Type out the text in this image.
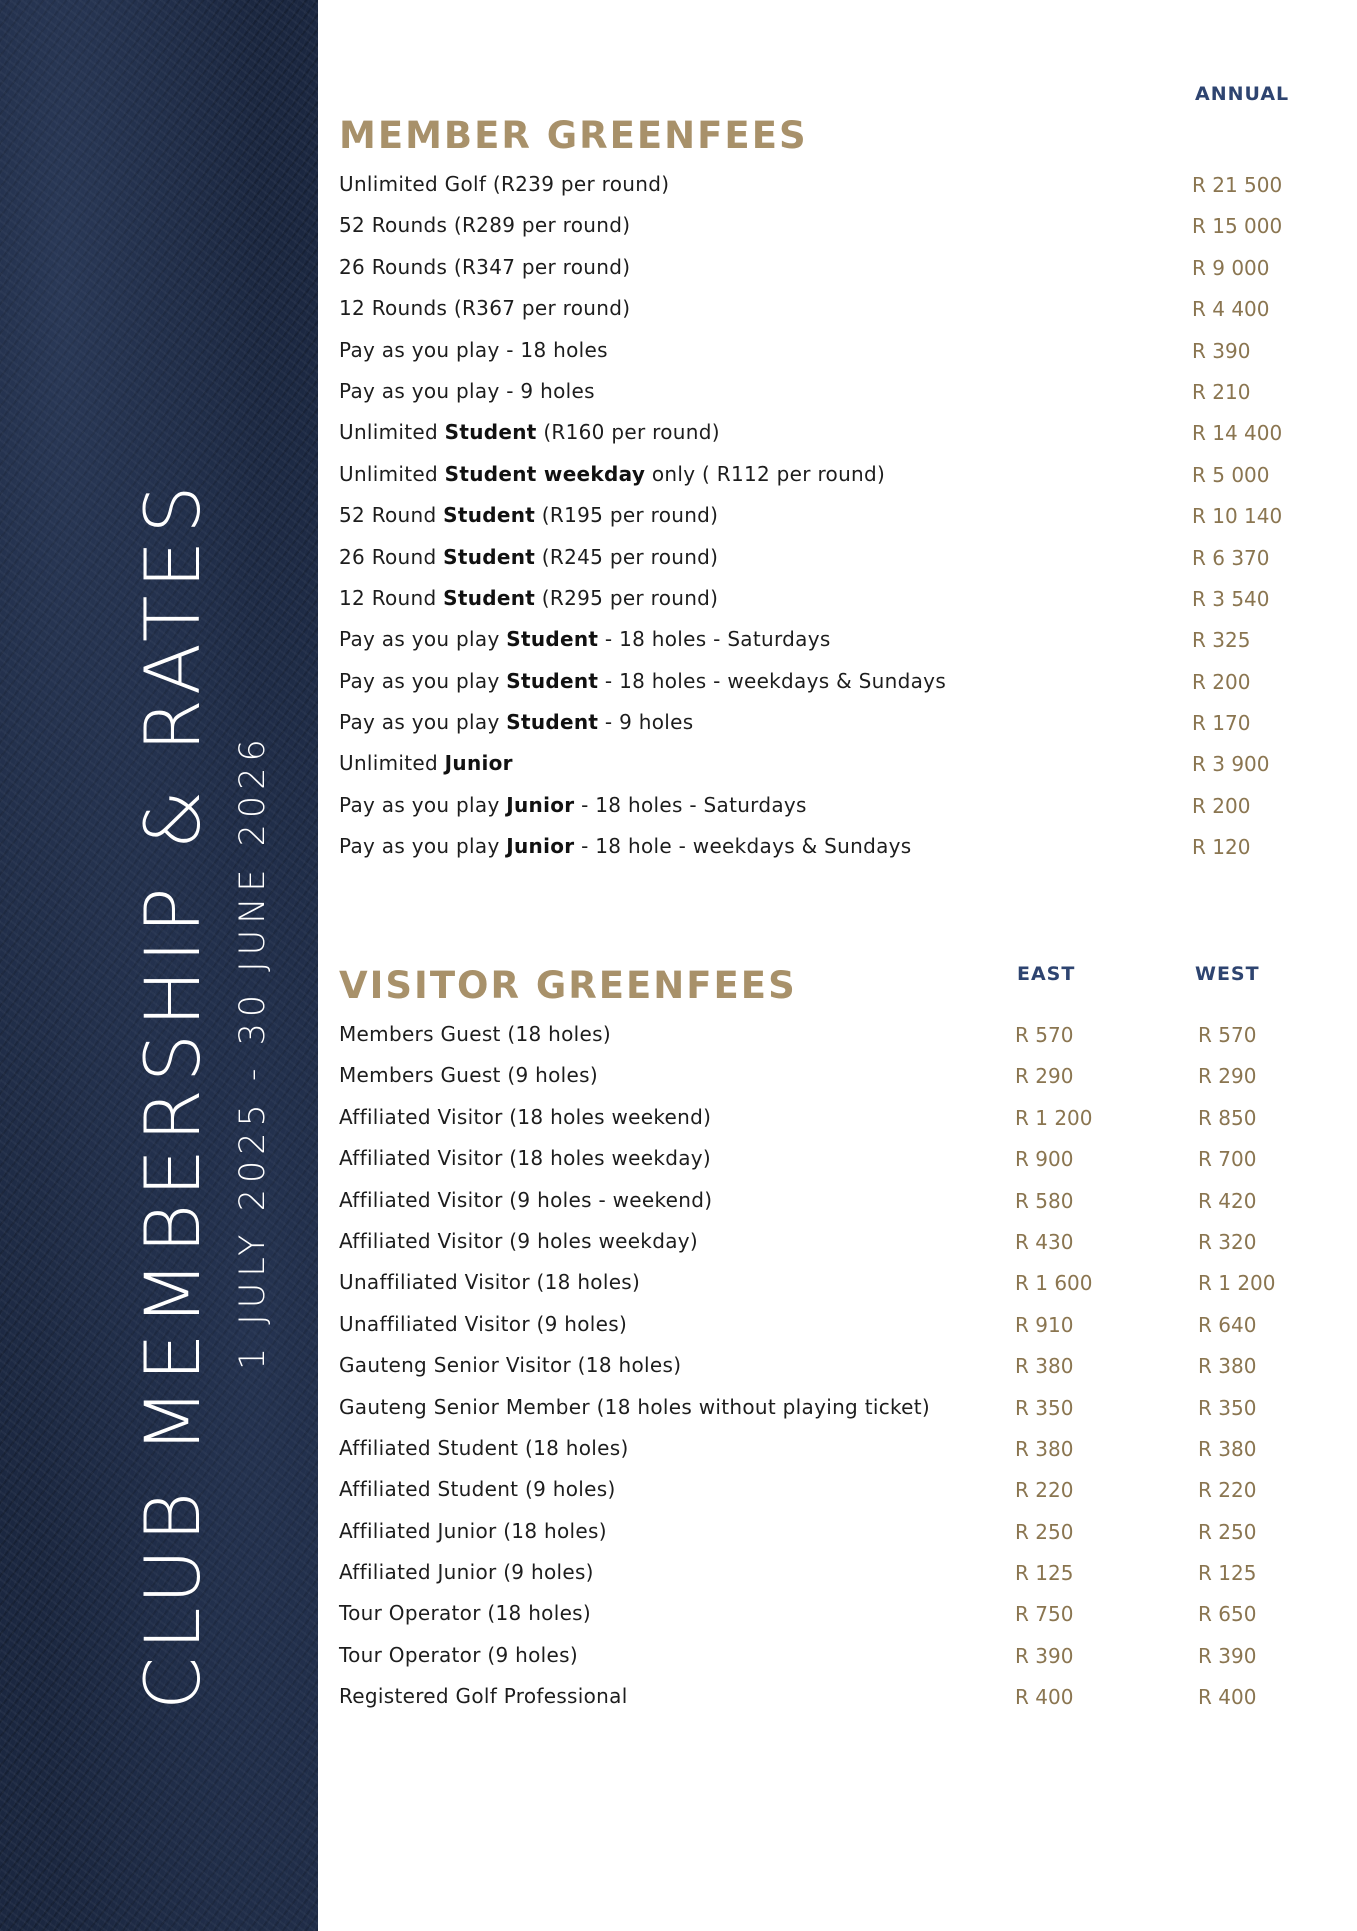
CLUB MEMBERSHIP & RATES 1 JULY 2025 - 30 JUNE 2026
ANNUAL
MEMBER GREENFEES
Unlimited Golf (R239 per round)	R 21 500
52 Rounds (R289 per round)	R 15 000
26 Rounds (R347 per round)	R 9 000
12 Rounds (R367 per round)	R 4 400
Pay as you play - 18 holes	R 390
Pay as you play - 9 holes	R 210
Unlimited Student (R160 per round)	R 14 400
Unlimited Student weekday only ( R112 per round)	R 5 000
52 Round Student (R195 per round)	R 10 140
26 Round Student (R245 per round)	R 6 370
12 Round Student (R295 per round)	R 3 540
Pay as you play Student - 18 holes - Saturdays	R 325
Pay as you play Student - 18 holes - weekdays & Sundays	R 200
Pay as you play Student - 9 holes	R 170
Unlimited Junior	R 3 900
Pay as you play Junior - 18 holes - Saturdays	R 200
Pay as you play Junior - 18 hole - weekdays & Sundays	R 120
EAST	WEST
VISITOR GREENFEES
Members Guest (18 holes)	R 570	R 570
Members Guest (9 holes)	R 290	R 290
Affiliated Visitor (18 holes weekend)	R 1 200	R 850
Affiliated Visitor (18 holes weekday)	R 900	R 700
Affiliated Visitor (9 holes - weekend)	R 580	R 420
Affiliated Visitor (9 holes weekday)	R 430	R 320
Unaffiliated Visitor (18 holes)	R 1 600	R 1 200
Unaffiliated Visitor (9 holes)	R 910	R 640
Gauteng Senior Visitor (18 holes)	R 380	R 380
Gauteng Senior Member (18 holes without playing ticket)	R 350	R 350
Affiliated Student (18 holes)	R 380	R 380
Affiliated Student (9 holes)	R 220	R 220
Affiliated Junior (18 holes)	R 250	R 250
Affiliated Junior (9 holes)	R 125	R 125
Tour Operator (18 holes)	R 750	R 650
Tour Operator (9 holes)	R 390	R 390
Registered Golf Professional	R 400	R 400
